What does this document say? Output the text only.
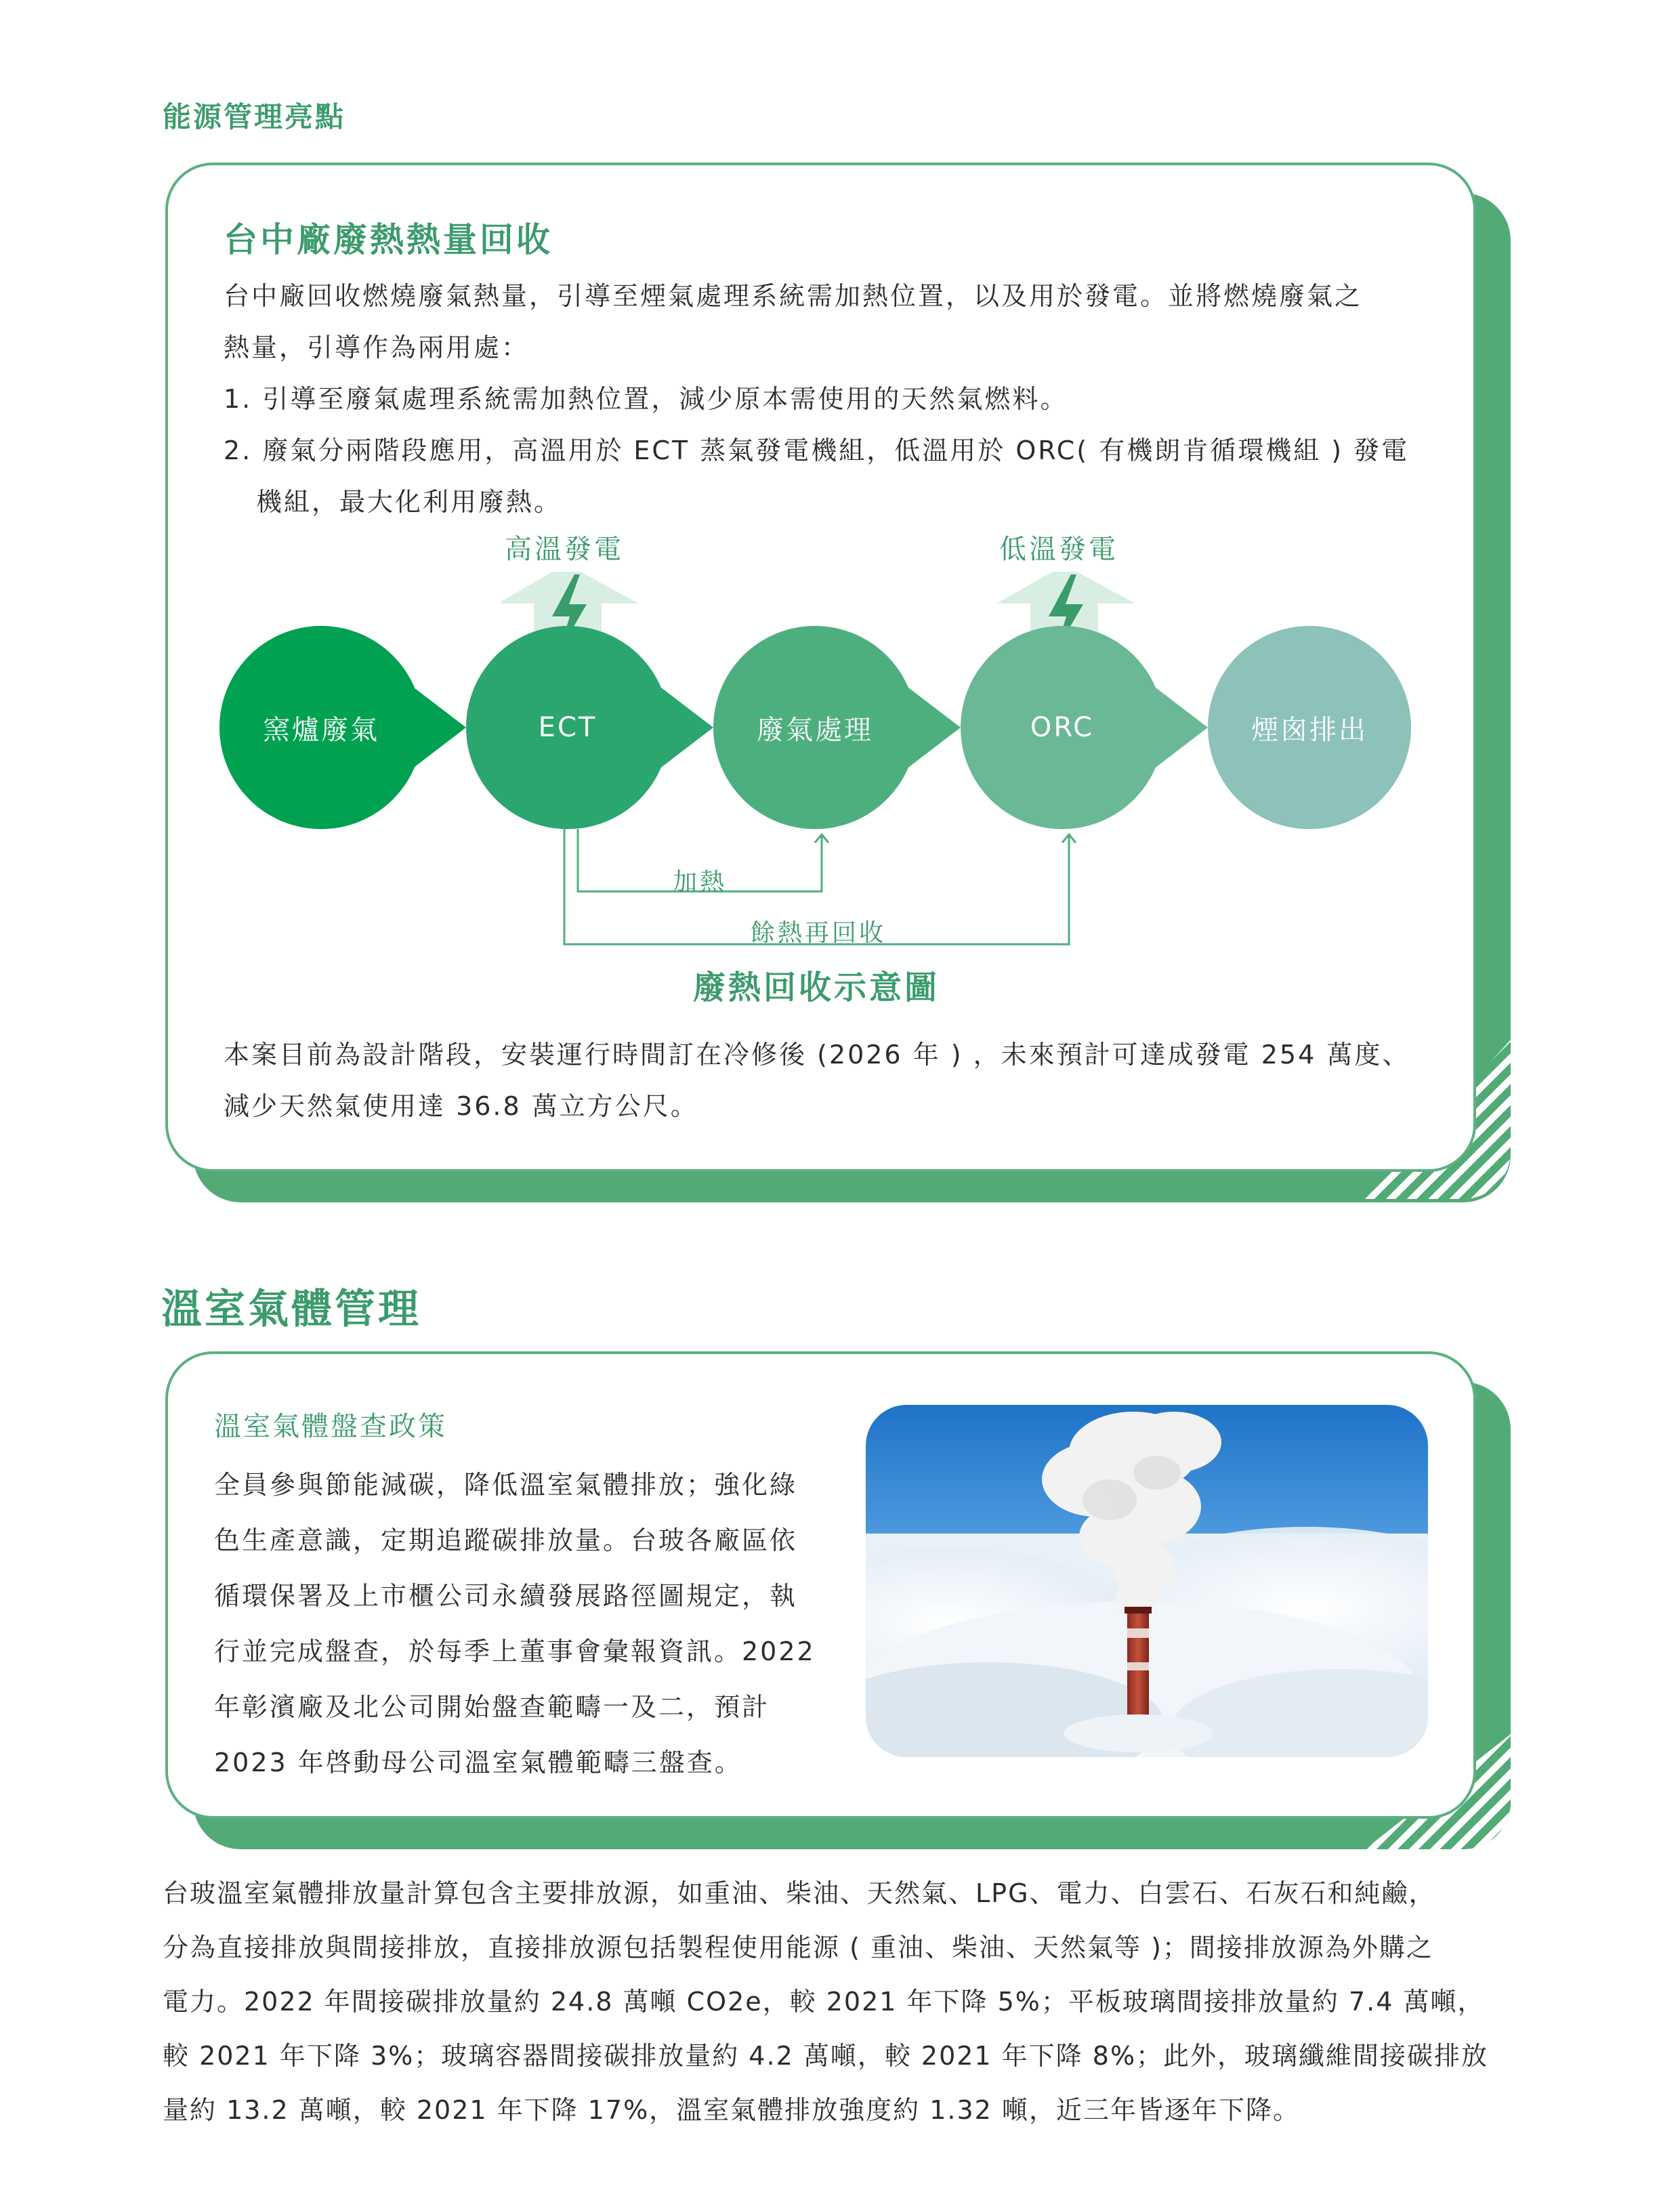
能源管理亮點
台中廠廢熱熱量回收

台中廠回收燃燒廢氣熱量，引導至煙氣處理系統需加熱位置，以及用於發電。並將燃燒廢氣之

熱量，引導作為兩用處：

1. 引導至廢氣處理系統需加熱位置，減少原本需使用的天然氣燃料。

2. 廢氣分兩階段應用，高溫用於 ECT 蒸氣發電機組，低溫用於 ORC( 有機朗肯循環機組 ) 發電

機組，最大化利用廢熱。

高溫發電	低溫發電
窯爐廢氣	ECT	廢氣處理	ORC	煙囪排出
加熱
餘熱再回收
廢熱回收示意圖

本案目前為設計階段，安裝運行時間訂在冷修後 (2026 年 ) ，未來預計可達成發電 254 萬度、

減少天然氣使用達 36.8 萬立方公尺。

溫室氣體管理
溫室氣體盤查政策

全員參與節能減碳，降低溫室氣體排放；強化綠

色生產意識，定期追蹤碳排放量。台玻各廠區依

循環保署及上市櫃公司永續發展路徑圖規定，執

行並完成盤查，於每季上董事會彙報資訊。2022

年彰濱廠及北公司開始盤查範疇一及二，預計

2023 年啓動母公司溫室氣體範疇三盤查。

台玻溫室氣體排放量計算包含主要排放源，如重油、柴油、天然氣、LPG、電力、白雲石、石灰石和純鹼，

分為直接排放與間接排放，直接排放源包括製程使用能源 ( 重油、柴油、天然氣等 )；間接排放源為外購之

電力。2022 年間接碳排放量約 24.8 萬噸 CO2e，較 2021 年下降 5%；平板玻璃間接排放量約 7.4 萬噸，

較 2021 年下降 3%；玻璃容器間接碳排放量約 4.2 萬噸，較 2021 年下降 8%；此外，玻璃纖維間接碳排放

量約 13.2 萬噸，較 2021 年下降 17%，溫室氣體排放強度約 1.32 噸，近三年皆逐年下降。
